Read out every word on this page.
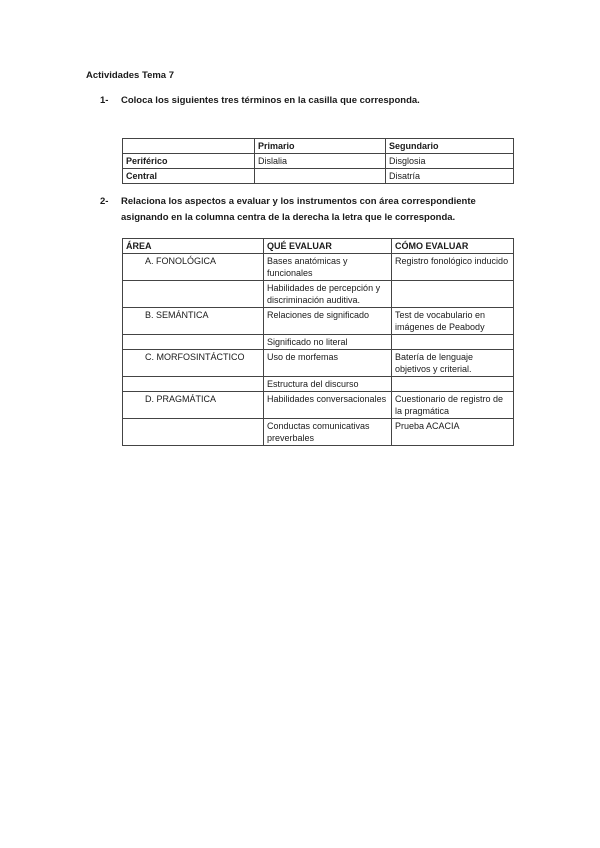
Actividades Tema 7
1- Coloca los siguientes tres términos en la casilla que corresponda.
	Primario	Segundario
Periférico	Dislalia	Disglosia
Central		Disatría
2- Relaciona los aspectos a evaluar y los instrumentos con área correspondiente
asignando en la columna centra de la derecha la letra que le corresponda.
ÁREA	QUÉ EVALUAR	CÓMO EVALUAR
A. FONOLÓGICA	Bases anatómicas y funcionales	Registro fonológico inducido
	Habilidades de percepción y discriminación auditiva.	
B. SEMÁNTICA	Relaciones de significado	Test de vocabulario en imágenes de Peabody
	Significado no literal	
C. MORFOSINTÁCTICO	Uso de morfemas	Batería de lenguaje objetivos y criterial.
	Estructura del discurso	
D. PRAGMÁTICA	Habilidades conversacionales	Cuestionario de registro de la pragmática
	Conductas comunicativas preverbales	Prueba ACACIA
